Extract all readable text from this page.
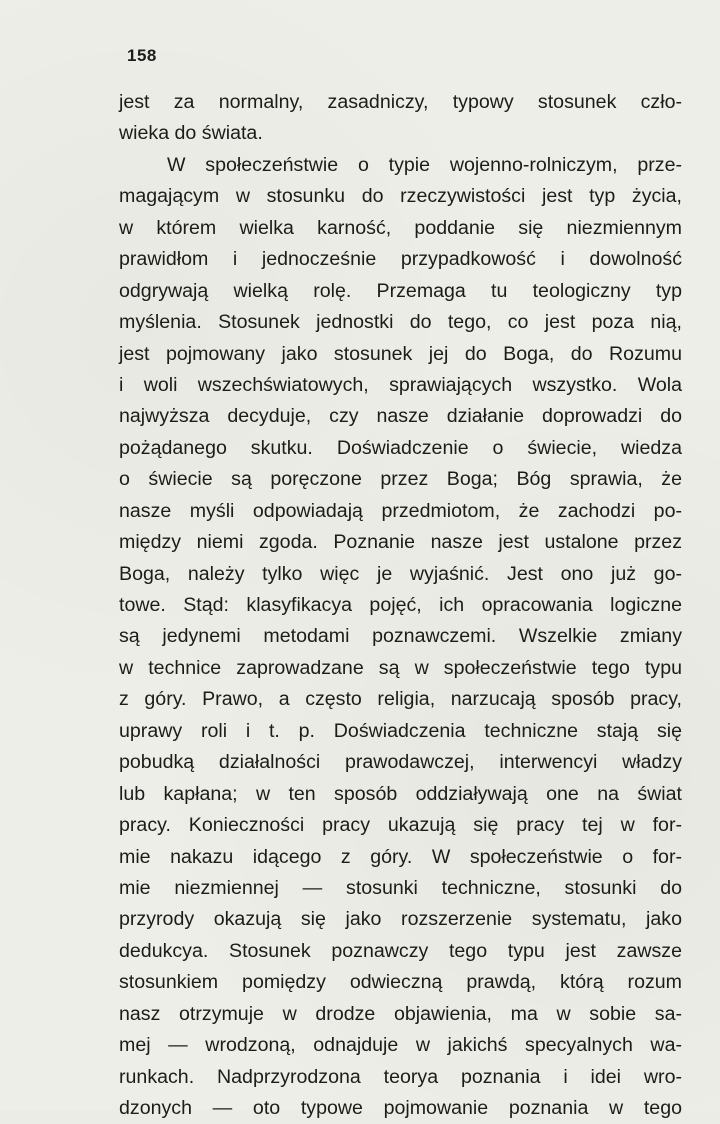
158
jest za normalny, zasadniczy, typowy stosunek czło-
wieka do świata.
W społeczeństwie o typie wojenno-rolniczym, prze-
magającym w stosunku do rzeczywistości jest typ życia,
w którem wielka karność, poddanie się niezmiennym
prawidłom i jednocześnie przypadkowość i dowolność
odgrywają wielką rolę. Przemaga tu teologiczny typ
myślenia. Stosunek jednostki do tego, co jest poza nią,
jest pojmowany jako stosunek jej do Boga, do Rozumu
i woli wszechświatowych, sprawiających wszystko. Wola
najwyższa decyduje, czy nasze działanie doprowadzi do
pożądanego skutku. Doświadczenie o świecie, wiedza
o świecie są poręczone przez Boga; Bóg sprawia, że
nasze myśli odpowiadają przedmiotom, że zachodzi po-
między niemi zgoda. Poznanie nasze jest ustalone przez
Boga, należy tylko więc je wyjaśnić. Jest ono już go-
towe. Stąd: klasyfikacya pojęć, ich opracowania logiczne
są jedynemi metodami poznawczemi. Wszelkie zmiany
w technice zaprowadzane są w społeczeństwie tego typu
z góry. Prawo, a często religia, narzucają sposób pracy,
uprawy roli i t. p. Doświadczenia techniczne stają się
pobudką działalności prawodawczej, interwencyi władzy
lub kapłana; w ten sposób oddziaływają one na świat
pracy. Konieczności pracy ukazują się pracy tej w for-
mie nakazu idącego z góry. W społeczeństwie o for-
mie niezmiennej — stosunki techniczne, stosunki do
przyrody okazują się jako rozszerzenie systematu, jako
dedukcya. Stosunek poznawczy tego typu jest zawsze
stosunkiem pomiędzy odwieczną prawdą, którą rozum
nasz otrzymuje w drodze objawienia, ma w sobie sa-
mej — wrodzoną, odnajduje w jakichś specyalnych wa-
runkach. Nadprzyrodzona teorya poznania i idei wro-
dzonych — oto typowe pojmowanie poznania w tego
